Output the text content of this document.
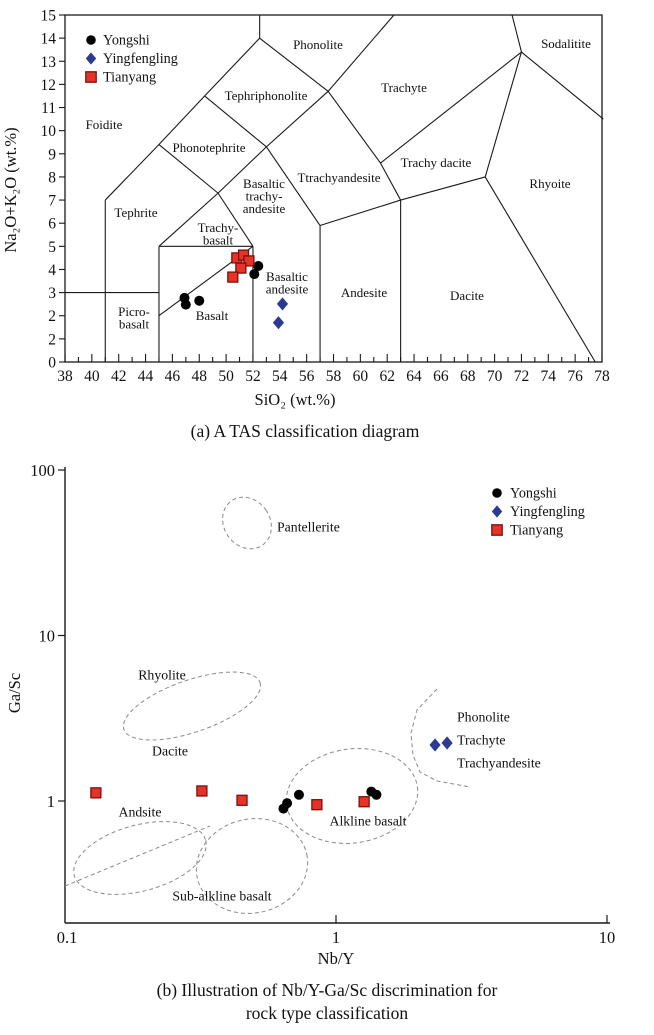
38 40 42 44 46 48 50 52 54 56 58 60 62 64 66 68 70 72 74 76 78
0
2
2
3
4
5
6
7
8
9
10
11
12
13
14
15
SiO₂ (wt.%)
Na₂O+K₂O (wt.%)
Foidite
Phonolite	Sodalitite
Tephriphonolite
Phonotephrite
Tephrite
Trachy-
basalt
Basaltic
trachy-
andesite
Ttrachyandesite
Trachyte
Trachy dacite
Rhyoite
Picro-
basalt
Basalt
Basaltic
andesite	Andesite	Dacite
Yongshi
Yingfengling
Tianyang
(a) A TAS classification diagram
1
10
100
0.1	1	10
Nb/Y
Ga/Sc
Pantellerite
Rhyolite
Dacite
Andsite
Sub-alkline basalt
Alkline basalt
Phonolite
Trachyte
Trachyandesite
Yongshi
Yingfengling
Tianyang
(b) Illustration of Nb/Y-Ga/Sc discrimination for
rock type classification
